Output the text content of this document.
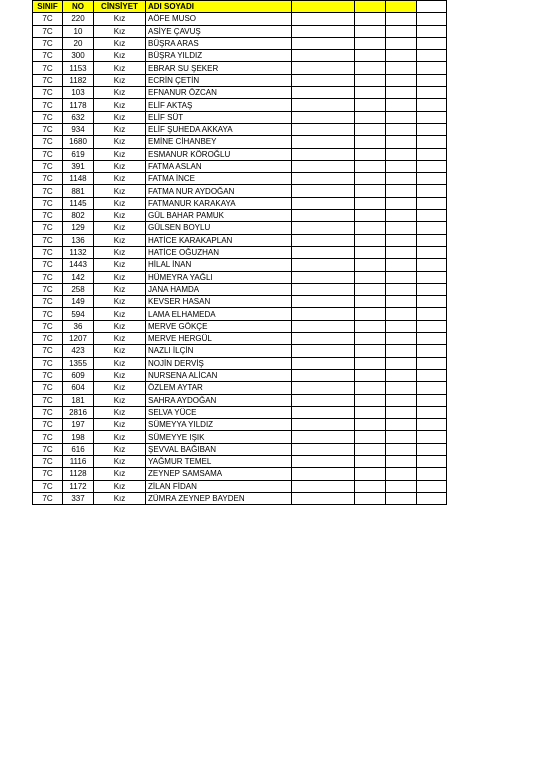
SINIF	NO	CİNSİYET	ADI SOYADI				
7C	220	Kız	AÖFE MUSO				
7C	10	Kız	ASİYE ÇAVUŞ				
7C	20	Kız	BÜŞRA ARAS				
7C	300	Kız	BÜŞRA YILDIZ				
7C	1153	Kız	EBRAR SU ŞEKER				
7C	1182	Kız	ECRİN ÇETİN				
7C	103	Kız	EFNANUR ÖZCAN				
7C	1178	Kız	ELİF AKTAŞ				
7C	632	Kız	ELİF SÜT				
7C	934	Kız	ELİF ŞUHEDA AKKAYA				
7C	1680	Kız	EMİNE CİHANBEY				
7C	619	Kız	ESMANUR KÖROĞLU				
7C	391	Kız	FATMA ASLAN				
7C	1148	Kız	FATMA İNCE				
7C	881	Kız	FATMA NUR AYDOĞAN				
7C	1145	Kız	FATMANUR KARAKAYA				
7C	802	Kız	GÜL BAHAR PAMUK				
7C	129	Kız	GÜLSEN BOYLU				
7C	136	Kız	HATİCE KARAKAPLAN				
7C	1132	Kız	HATİCE OĞUZHAN				
7C	1443	Kız	HİLAL İNAN				
7C	142	Kız	HÜMEYRA YAĞLI				
7C	258	Kız	JANA HAMDA				
7C	149	Kız	KEVSER HASAN				
7C	594	Kız	LAMA ELHAMEDA				
7C	36	Kız	MERVE GÖKÇE				
7C	1207	Kız	MERVE HERGÜL				
7C	423	Kız	NAZLI İLÇİN				
7C	1355	Kız	NOJİN DERVİŞ				
7C	609	Kız	NURSENA ALİCAN				
7C	604	Kız	ÖZLEM AYTAR				
7C	181	Kız	SAHRA AYDOĞAN				
7C	2816	Kız	SELVA YÜCE				
7C	197	Kız	SÜMEYYA YILDIZ				
7C	198	Kız	SÜMEYYE IŞIK				
7C	616	Kız	ŞEVVAL BAĞIBAN				
7C	1116	Kız	YAĞMUR TEMEL				
7C	1128	Kız	ZEYNEP SAMSAMA				
7C	1172	Kız	ZİLAN FİDAN				
7C	337	Kız	ZÜMRA ZEYNEP BAYDEN				
